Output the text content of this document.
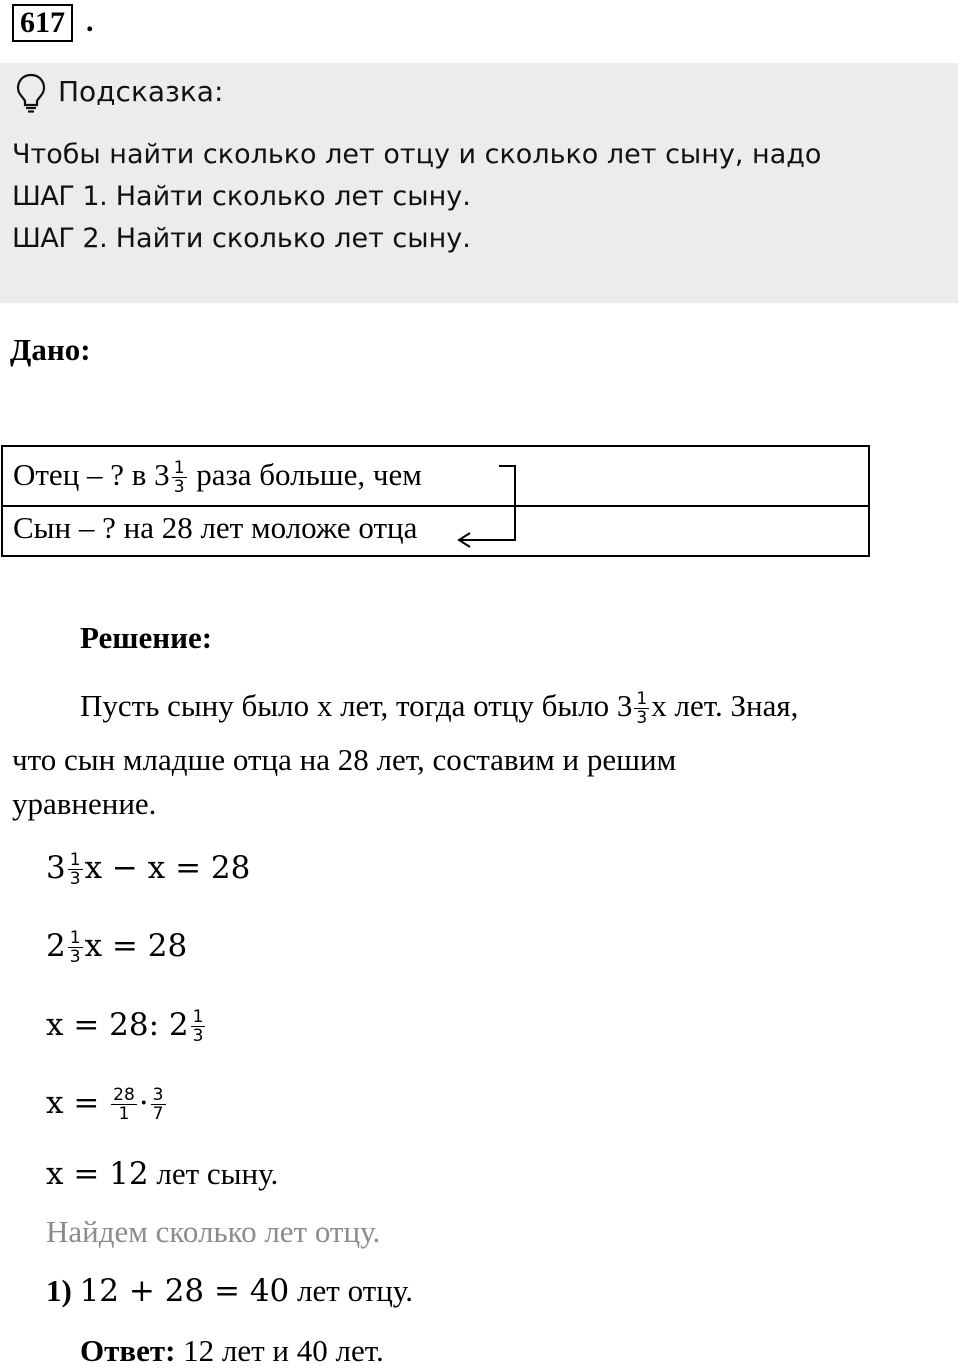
617 .
Подсказка:
Чтобы найти сколько лет отцу и сколько лет сыну, надо
ШАГ 1. Найти сколько лет сыну.
ШАГ 2. Найти сколько лет сыну.
Дано:
Отец – ? в $3 \frac{1}{3}$ раза больше, чем
Сын – ? на 28 лет моложе отца
Решение:
Пусть сыну было х лет, тогда отцу было $3 \frac{1}{3}$ х лет. Зная,
что сын младше отца на 28 лет, составим и решим
уравнение.
$3 \frac{1}{3}$ х − х = 28
$2 \frac{1}{3}$ х = 28
х = 28: $2 \frac{1}{3}$
$х = \frac{28}{1} \cdot \frac{3}{7}$
х = 12 лет сыну.
Найдем сколько лет отцу.
1) 12 + 28 = 40 лет отцу.
Ответ: 12 лет и 40 лет.
